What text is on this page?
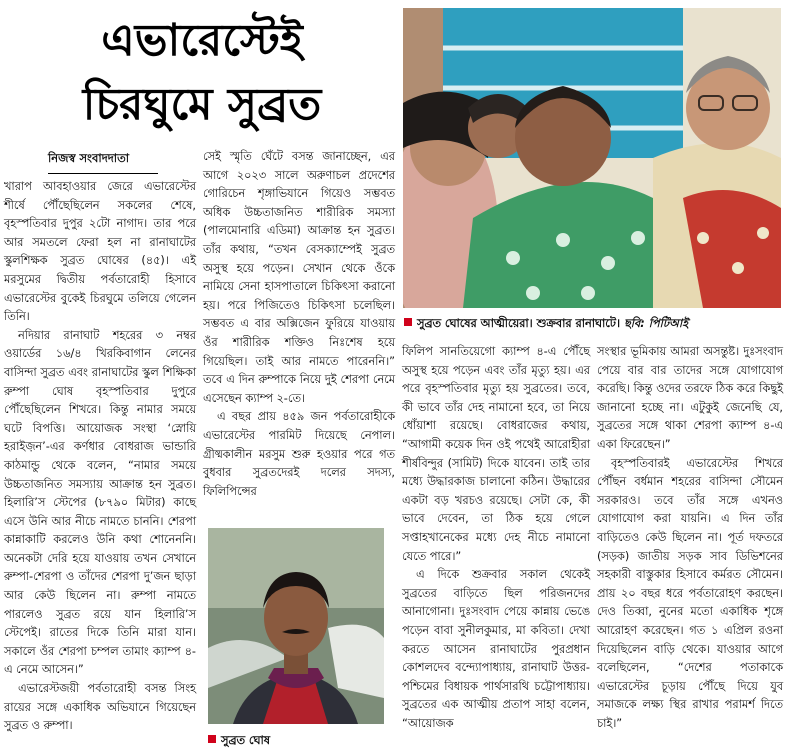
এভারেস্টেই
চিরঘুমে সুব্রত
নিজস্ব সংবাদদাতা

খারাপ আবহাওয়ার জেরে এভারেস্টের শীর্ষে পৌঁছেছিলেন সকলের শেষে, বৃহস্পতিবার দুপুর ২টো নাগাদ। তার পরে আর সমতলে ফেরা হল না রানাঘাটের স্কুলশিক্ষক সুব্রত ঘোষের (৪৫)। এই মরসুমের দ্বিতীয় পর্বতারোহী হিসাবে এভারেস্টের বুকেই চিরঘুমে তলিয়ে গেলেন তিনি।

নদিয়ার রানাঘাট শহরের ৩ নম্বর ওয়ার্ডের ১৬/৪ খিরকিবাগান লেনের বাসিন্দা সুব্রত এবং রানাঘাটের স্কুল শিক্ষিকা রুম্পা ঘোষ বৃহস্পতিবার দুপুরে পৌঁছেছিলেন শিখরে। কিন্তু নামার সময়ে ঘটে বিপত্তি। আয়োজক সংস্থা ‘স্নোয়ি হরাইজ়ন’-এর কর্ণধার বোধরাজ ভান্ডারি কাঠমান্ডু থেকে বলেন, “নামার সময়ে উচ্চতাজনিত সমস্যায় আক্রান্ত হন সুব্রত। হিলারি’স স্টেপের (৮৭৯০ মিটার) কাছে এসে উনি আর নীচে নামতে চাননি। শেরপা কান্নাকাটি করলেও উনি কথা শোনেননি। অনেকটা দেরি হয়ে যাওয়ায় তখন সেখানে রুম্পা-শেরপা ও তাঁদের শেরপা দু’জন ছাড়া আর কেউ ছিলেন না। রুম্পা নামতে পারলেও সুব্রত রয়ে যান হিলারি’স স্টেপেই। রাতের দিকে তিনি মারা যান। সকালে ওঁর শেরপা চম্পল তামাং ক্যাম্প ৪-এ নেমে আসেন।”

এভারেস্টজয়ী পর্বতারোহী বসন্ত সিংহ রায়ের সঙ্গে একাধিক অভিযানে গিয়েছেন সুব্রত ও রুম্পা।

সেই স্মৃতি ঘেঁটে বসন্ত জানাচ্ছেন, এর আগে ২০২৩ সালে অরুণাচল প্রদেশের গোরিচেন শৃঙ্গাভিযানে গিয়েও সম্ভবত অধিক উচ্চতাজনিত শারীরিক সমস্যা (পালমোনারি এডিমা) আক্রান্ত হন সুব্রত। তাঁর কথায়, “তখন বেসক্যাম্পেই সুব্রত অসুস্থ হয়ে পড়েন। সেখান থেকে ওঁকে নামিয়ে সেনা হাসপাতালে চিকিৎসা করানো হয়। পরে পিজিতেও চিকিৎসা চলেছিল। সম্ভবত এ বার অক্সিজেন ফুরিয়ে যাওয়ায় ওঁর শারীরিক শক্তিও নিঃশেষ হয়ে গিয়েছিল। তাই আর নামতে পারেননি।” তবে এ দিন রুম্পাকে নিয়ে দুই শেরপা নেমে এসেছেন ক্যাম্প ২-তে।

এ বছর প্রায় ৪৫৯ জন পর্বতারোহীকে এভারেস্টের পারমিট দিয়েছে নেপাল। গ্রীষ্মকালীন মরসুম শুরু হওয়ার পরে গত বুধবার সুব্রতদেরই দলের সদস্য, ফিলিপিন্সের

সুব্রত ঘোষের আত্মীয়েরা। শুক্রবার রানাঘাটে। ছবি: পিটিআই

ফিলিপ সানতিয়েগো ক্যাম্প ৪-এ পৌঁছে অসুস্থ হয়ে পড়েন এবং তাঁর মৃত্যু হয়। এর পরে বৃহস্পতিবার মৃত্যু হয় সুব্রতের। তবে, কী ভাবে তাঁর দেহ নামানো হবে, তা নিয়ে ধোঁয়াশা রয়েছে। বোধরাজের কথায়, “আগামী কয়েক দিন ওই পথেই আরোহীরা শীর্ষবিন্দুর (সামিট) দিকে যাবেন। তাই তার মধ্যে উদ্ধারকাজ চালানো কঠিন। উদ্ধারের একটা বড় খরচও রয়েছে। সেটা কে, কী ভাবে দেবেন, তা ঠিক হয়ে গেলে সপ্তাহখানেকের মধ্যে দেহ নীচে নামানো যেতে পারে।”

এ দিকে শুক্রবার সকাল থেকেই সুব্রতের বাড়িতে ছিল পরিজনদের আনাগোনা। দুঃসংবাদ পেয়ে কান্নায় ভেঙে পড়েন বাবা সুনীলকুমার, মা কবিতা। দেখা করতে আসেন রানাঘাটের পুরপ্রধান কোশলদেব বন্দ্যোপাধ্যায়, রানাঘাট উত্তর-পশ্চিমের বিধায়ক পার্থসারথি চট্টোপাধ্যায়। সুব্রতের এক আত্মীয় প্রতাপ সাহা বলেন, “আয়োজক

সংস্থার ভূমিকায় আমরা অসন্তুষ্ট। দুঃসংবাদ পেয়ে বার বার তাদের সঙ্গে যোগাযোগ করেছি। কিন্তু ওদের তরফে ঠিক করে কিছুই জানানো হচ্ছে না। এটুকুই জেনেছি যে, সুব্রতের সঙ্গে থাকা শেরপা ক্যাম্প ৪-এ একা ফিরেছেন।”

বৃহস্পতিবারই এভারেস্টের শিখরে পৌঁছন বর্ধমান শহরের বাসিন্দা সৌমেন সরকারও। তবে তাঁর সঙ্গে এখনও যোগাযোগ করা যায়নি। এ দিন তাঁর বাড়িতেও কেউ ছিলেন না। পূর্ত দফতরে (সড়ক) জাতীয় সড়ক সাব ডিভিশনের সহকারী বাস্তুকার হিসাবে কর্মরত সৌমেন। প্রায় ২০ বছর ধরে পর্বতারোহণ করছেন। দেও তিব্বা, নুনের মতো একাধিক শৃঙ্গে আরোহণ করেছেন। গত ১ এপ্রিল রওনা দিয়েছিলেন বাড়ি থেকে। যাওয়ার আগে বলেছিলেন, “দেশের পতাকাকে এভারেস্টের চূড়ায় পৌঁছে দিয়ে যুব সমাজকে লক্ষ্য স্থির রাখার পরামর্শ দিতে চাই।”

সুব্রত ঘোষ
